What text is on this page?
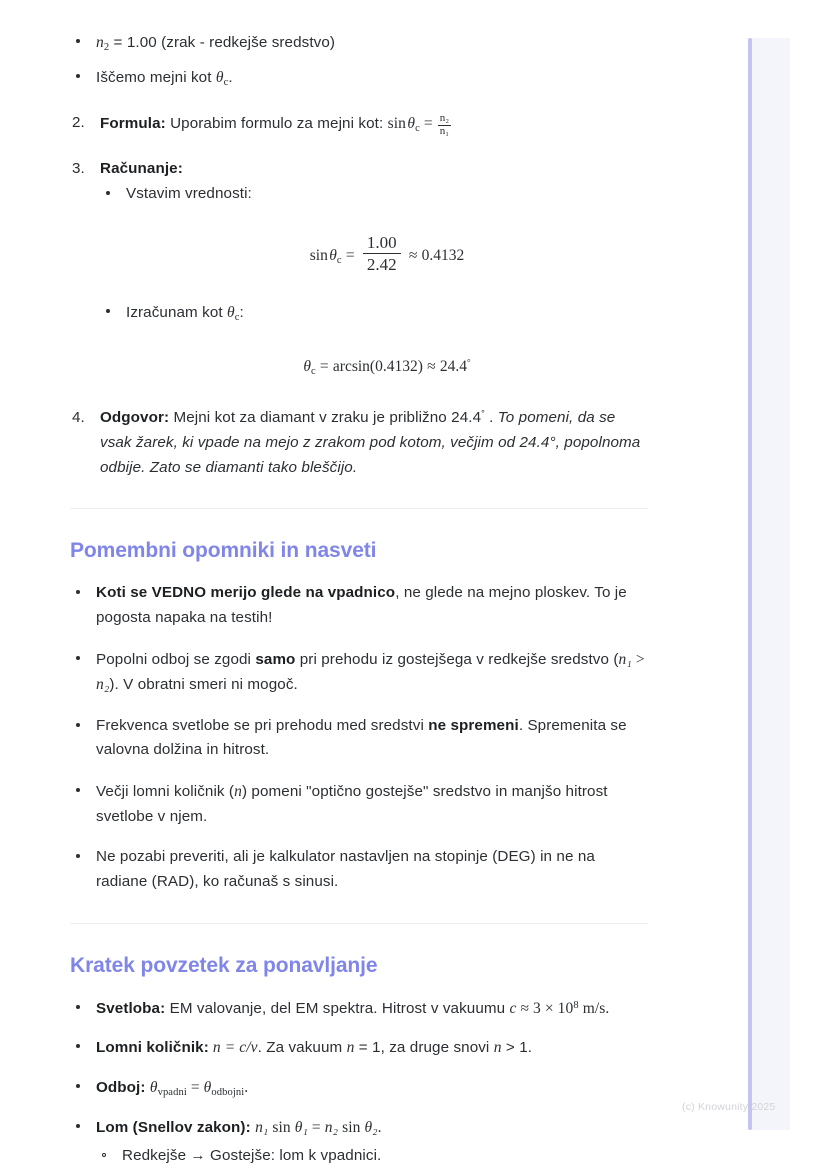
$n_2 = 1.00$ (zrak - redkejše sredstvo)
Iščemo mejni kot $\theta_c$.
2. Formula: Uporabim formulo za mejni kot: sin $\theta_c = \frac{\text{n₂}}{\text{n₁}}$
3. Računanje:
Vstavim vrednosti:
sin $\theta_c = \frac{1.00}{2.42} \approx 0.4132$
Izračunam kot $\theta_c$:
$\theta_c = \arcsin(0.4132) \approx 24.4^\circ$
4. Odgovor: Mejni kot za diamant v zraku je približno 24.4° . To pomeni, da se vsak žarek, ki vpade na mejo z zrakom pod kotom, večjim od 24.4°, popolnoma odbije. Zato se diamanti tako bleščijo.
Pomembni opomniki in nasveti
Koti se VEDNO merijo glede na vpadnico, ne glede na mejno ploskev. To je pogosta napaka na testih!
Popolni odboj se zgodi samo pri prehodu iz gostejšega v redkejše sredstvo (n₁ > n₂). V obratni smeri ni mogoč.
Frekvenca svetlobe se pri prehodu med sredstvi ne spremeni. Spremenita se valovna dolžina in hitrost.
Večji lomni količnik (n) pomeni "optično gostejše" sredstvo in manjšo hitrost svetlobe v njem.
Ne pozabi preveriti, ali je kalkulator nastavljen na stopinje (DEG) in ne na radiane (RAD), ko računaš s sinusi.
Kratek povzetek za ponavljanje
Svetloba: EM valovanje, del EM spektra. Hitrost v vakuumu $c \approx 3 \times 10^8$ m/s.
Lomni količnik: n = c/v. Za vakuum n = 1, za druge snovi n > 1.
Odboj: $\theta_{vpadni} = \theta_{odbojni}$.
Lom (Snellov zakon): n₁ sin θ₁ = n₂ sin θ₂.
Redkejše → Gostejše: lom k vpadnici.
(c) Knowunity 2025
